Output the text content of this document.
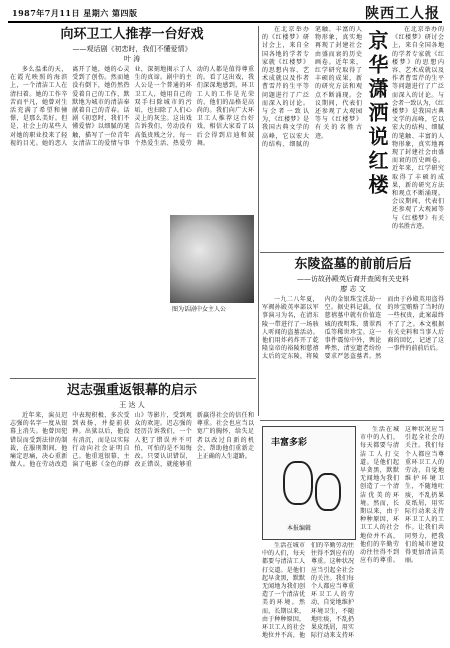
1987年7月11日 星期六 第四版	陕西工人报
向环卫工人推荐一台好戏
——观话剧《初恋时，我们不懂爱情》
叶 涛
多么温柔的天，在霞光映照的海滨上，一个清洁工人在清扫着。她的工作辛苦而平凡，她曾对生活充满了希望和憧憬，是那么美好。但是，社会上的某些人对她的职业投来了轻视的目光。她的恋人离开了她，她的心灵受到了创伤。然而她没有倒下，她仍然热爱着自己的工作，默默地为城市的清洁奉献着自己的青春。话剧《初恋时，我们不懂爱情》以细腻的笔触，描写了一位青年女清洁工的爱情与事业，深刻地揭示了人生的真谛。剧中的主人公是一个普通的环卫工人，她用自己的双手扫除城市的污垢，也扫除了人们心灵上的灰尘。这出戏告诉我们，劳动没有高低贵贱之分，每一个热爱生活、热爱劳动的人都是值得尊重的。看了这出戏，我们深深地感到，环卫工人的工作是光荣的，他们的品格是高尚的。我们向广大环卫工人推荐这台好戏，相信大家看了以后会得到启迪和鼓舞。
图为话剧中女主人公
迟志强重返银幕的启示
王 达 人
近年来，演员迟志强的名字一度从银幕上消失。他曾因犯错误而受到法律的制裁，在服刑期间，他痛定思痛，决心重新做人。他在劳动改造中表现积极，多次受到表扬，并提前获释。出狱以后，他没有消沉，而是以实际行动向社会证明自己。他重返银幕，主演了电影《金色的群山》等影片，受到观众的欢迎。迟志强的经历告诉我们，一个人犯了错误并不可怕，可怕的是不知悔改。只要认识错误，改正错误，就能够重新赢得社会的信任和尊重。社会也应当以宽广的胸怀，给失足者以改过自新的机会，帮助他们重新走上正确的人生道路。
在北京举办的《红楼梦》研讨会上，来自全国各地的学者专家就《红楼梦》的思想内容、艺术成就以及作者曹雪芹的生平等问题进行了广泛而深入的讨论。与会者一致认为，《红楼梦》是我国古典文学的高峰，它以宏大的结构、细腻的笔触、丰富的人物形象，真实地再现了封建社会由盛而衰的历史画卷。近年来，红学研究取得了丰硕的成果，新的研究方法和观点不断涌现。会议期间，代表们还参观了大观园等与《红楼梦》有关的名胜古迹。	京华潇洒说红楼
在北京举办的《红楼梦》研讨会上，来自全国各地的学者专家就《红楼梦》的思想内容、艺术成就以及作者曹雪芹的生平等问题进行了广泛而深入的讨论。与会者一致认为，《红楼梦》是我国古典文学的高峰，它以宏大的结构、细腻的笔触、丰富的人物形象，真实地再现了封建社会由盛而衰的历史画卷。近年来，红学研究取得了丰硕的成果，新的研究方法和观点不断涌现。会议期间，代表们还参观了大观园等与《红楼梦》有关的名胜古迹。
东陵盗墓的前前后后
——访故孙殿英后裔并查阅有关史料
廖 志 文
一九二八年夏，军阀孙殿英率部以军事演习为名，在清东陵一带进行了一场骇人听闻的盗墓活动。他们用炸药炸开了乾隆皇帝的裕陵和慈禧太后的定东陵，将陵内的金银珠宝洗劫一空。据史料记载，仅慈禧墓中就有价值连城的夜明珠、翡翠西瓜等稀世珍宝。这一事件震惊中外，舆论哗然，清室遗老纷纷要求严惩盗墓者。然而由于孙殿英用盗得的珍宝贿赂了当时的一些权贵，此案最终不了了之。本文根据有关史料和当事人后裔的回忆，记述了这一事件的前前后后。
丰富多彩
本报编辑
生活在城市中的人们，每天都要与清洁工人打交道。是他们起早贪黑，默默无闻地为我们创造了一个清洁优美的环境。然而，长期以来，由于种种原因，环卫工人的社会地位并不高，他们的辛勤劳动往往得不到应有的尊重。这种状况应当引起全社会的关注。我们每个人都应当尊重环卫工人的劳动，自觉地维护环境卫生，不随地吐痰，不乱扔果皮纸屑，用实际行动来支持环卫工人的工作。让我们共同努力，把我们的城市建设得更加清洁美丽。
生活在城市中的人们，每天都要与清洁工人打交道。是他们起早贪黑，默默无闻地为我们创造了一个清洁优美的环境。然而，长期以来，由于种种原因，环卫工人的社会地位并不高，他们的辛勤劳动往往得不到应有的尊重。这种状况应当引起全社会的关注。我们每个人都应当尊重环卫工人的劳动，自觉地维护环境卫生，不随地吐痰，不乱扔果皮纸屑，用实际行动来支持环
